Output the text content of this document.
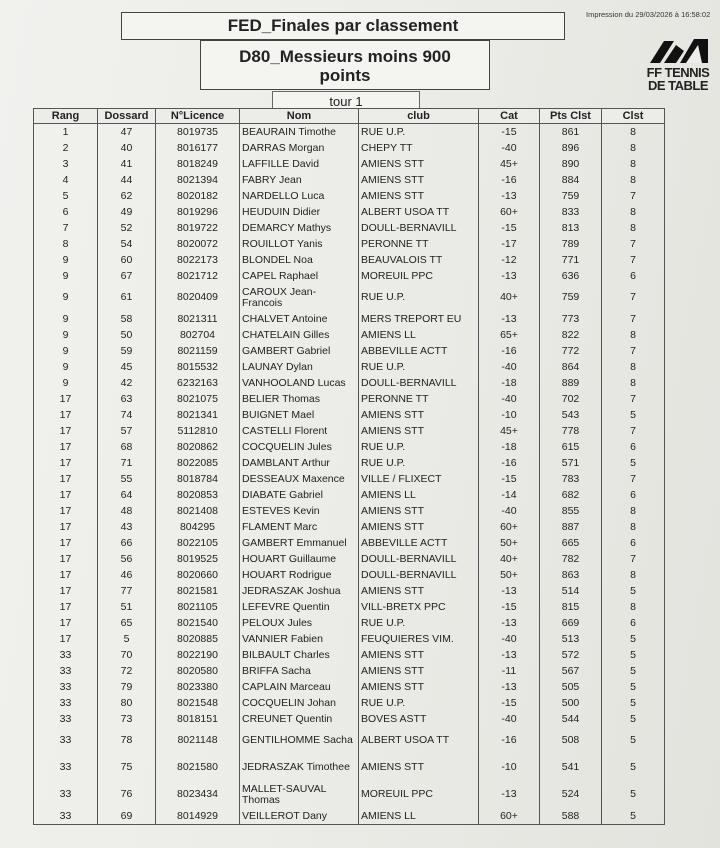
Impression du 29/03/2026 à 16:58:02
FED_Finales par classement
D80_Messieurs moins 900
points
tour 1
FF TENNIS
DE TABLE
Rang	Dossard	N°Licence	Nom	club	Cat	Pts Clst	Clst
1	47	8019735	BEAURAIN Timothe	RUE U.P.	-15	861	8
2	40	8016177	DARRAS Morgan	CHEPY TT	-40	896	8
3	41	8018249	LAFFILLE David	AMIENS STT	45+	890	8
4	44	8021394	FABRY Jean	AMIENS STT	-16	884	8
5	62	8020182	NARDELLO Luca	AMIENS STT	-13	759	7
6	49	8019296	HEUDUIN Didier	ALBERT USOA TT	60+	833	8
7	52	8019722	DEMARCY Mathys	DOULL-BERNAVILL	-15	813	8
8	54	8020072	ROUILLOT Yanis	PERONNE TT	-17	789	7
9	60	8022173	BLONDEL Noa	BEAUVALOIS TT	-12	771	7
9	67	8021712	CAPEL Raphael	MOREUIL PPC	-13	636	6
9	61	8020409	CAROUX Jean-Francois	RUE U.P.	40+	759	7
9	58	8021311	CHALVET Antoine	MERS TREPORT EU	-13	773	7
9	50	802704	CHATELAIN Gilles	AMIENS LL	65+	822	8
9	59	8021159	GAMBERT Gabriel	ABBEVILLE ACTT	-16	772	7
9	45	8015532	LAUNAY Dylan	RUE U.P.	-40	864	8
9	42	6232163	VANHOOLAND Lucas	DOULL-BERNAVILL	-18	889	8
17	63	8021075	BELIER Thomas	PERONNE TT	-40	702	7
17	74	8021341	BUIGNET Mael	AMIENS STT	-10	543	5
17	57	5112810	CASTELLI Florent	AMIENS STT	45+	778	7
17	68	8020862	COCQUELIN Jules	RUE U.P.	-18	615	6
17	71	8022085	DAMBLANT Arthur	RUE U.P.	-16	571	5
17	55	8018784	DESSEAUX Maxence	VILLE / FLIXECT	-15	783	7
17	64	8020853	DIABATE Gabriel	AMIENS LL	-14	682	6
17	48	8021408	ESTEVES Kevin	AMIENS STT	-40	855	8
17	43	804295	FLAMENT Marc	AMIENS STT	60+	887	8
17	66	8022105	GAMBERT Emmanuel	ABBEVILLE ACTT	50+	665	6
17	56	8019525	HOUART Guillaume	DOULL-BERNAVILL	40+	782	7
17	46	8020660	HOUART Rodrigue	DOULL-BERNAVILL	50+	863	8
17	77	8021581	JEDRASZAK Joshua	AMIENS STT	-13	514	5
17	51	8021105	LEFEVRE Quentin	VILL-BRETX PPC	-15	815	8
17	65	8021540	PELOUX Jules	RUE U.P.	-13	669	6
17	5	8020885	VANNIER Fabien	FEUQUIERES VIM.	-40	513	5
33	70	8022190	BILBAULT Charles	AMIENS STT	-13	572	5
33	72	8020580	BRIFFA Sacha	AMIENS STT	-11	567	5
33	79	8023380	CAPLAIN Marceau	AMIENS STT	-13	505	5
33	80	8021548	COCQUELIN Johan	RUE U.P.	-15	500	5
33	73	8018151	CREUNET Quentin	BOVES ASTT	-40	544	5
33	78	8021148	GENTILHOMME Sacha	ALBERT USOA TT	-16	508	5
33	75	8021580	JEDRASZAK Timothee	AMIENS STT	-10	541	5
33	76	8023434	MALLET-SAUVAL Thomas	MOREUIL PPC	-13	524	5
33	69	8014929	VEILLEROT Dany	AMIENS LL	60+	588	5
